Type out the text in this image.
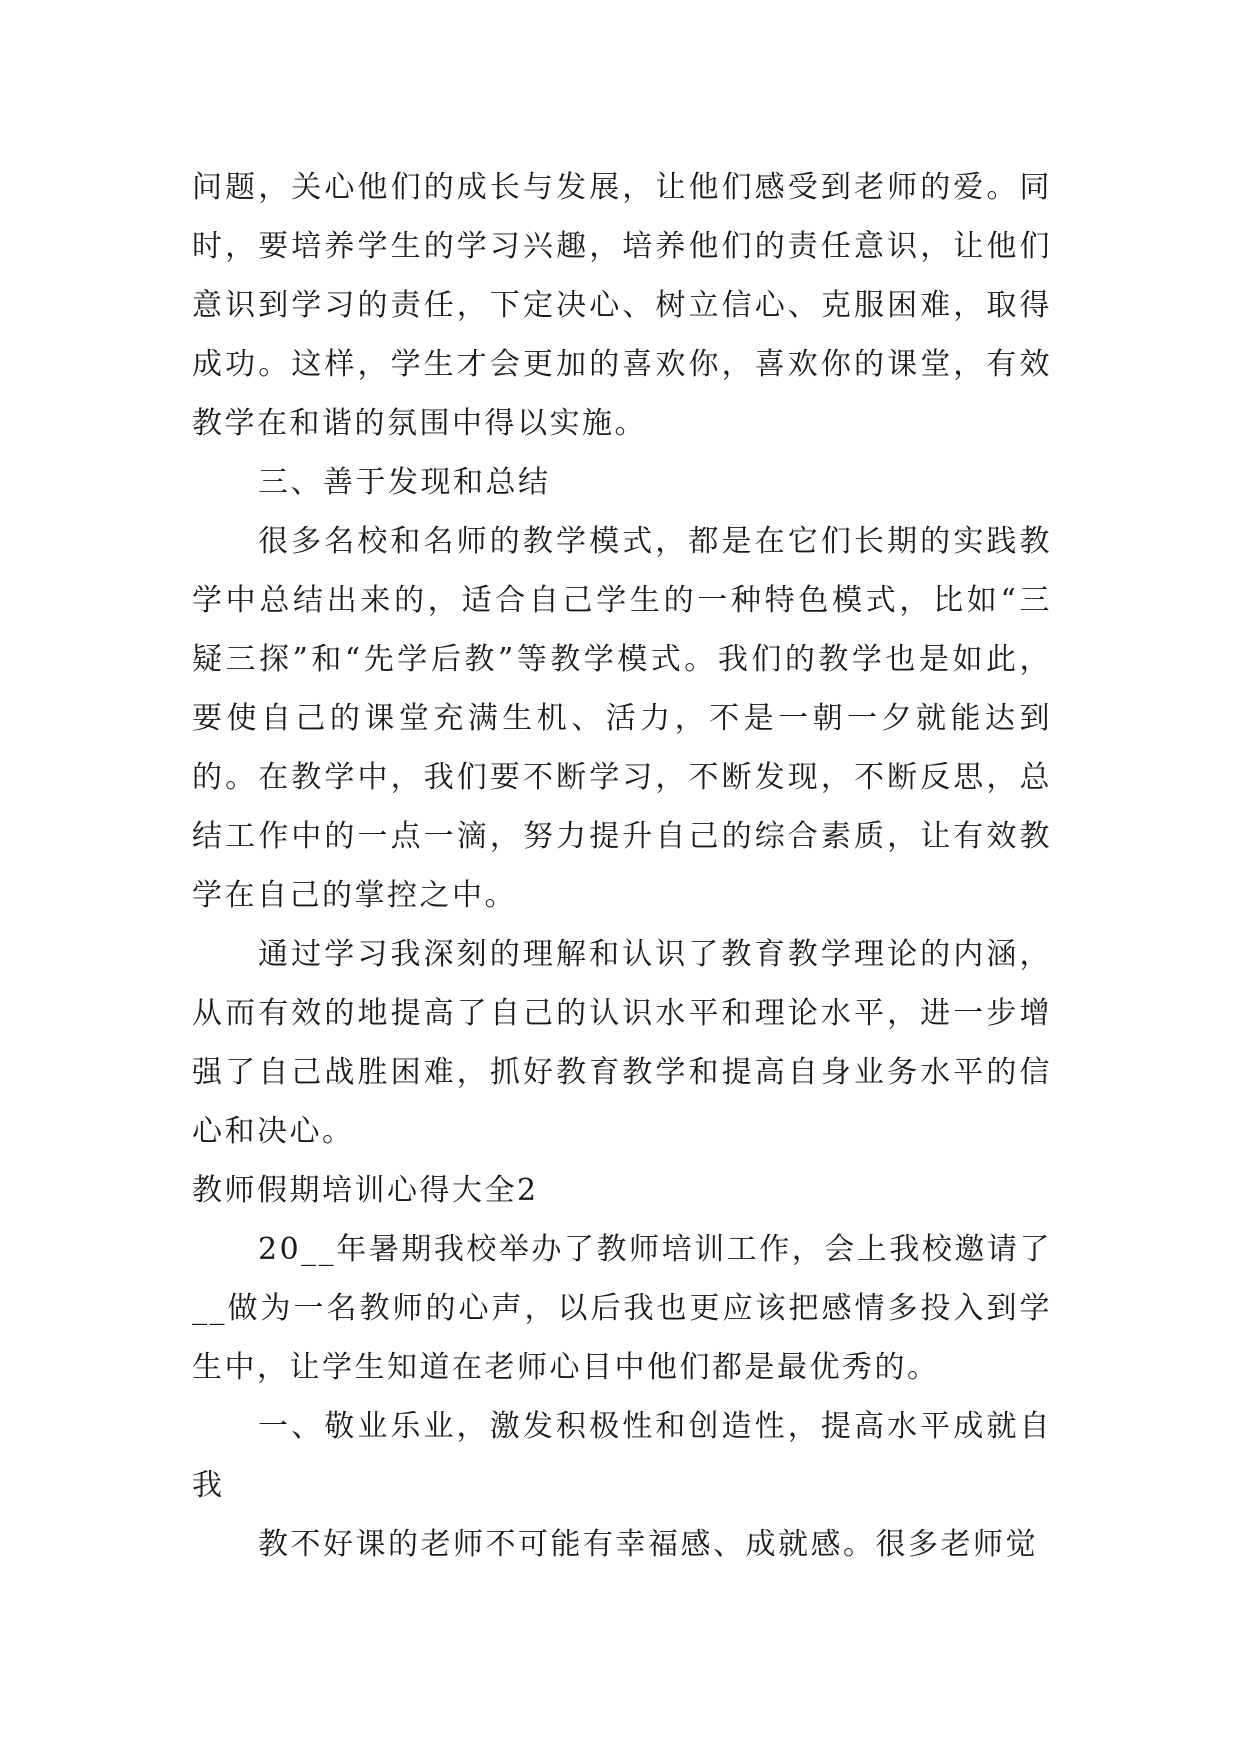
问题，关心他们的成长与发展，让他们感受到老师的爱。同时，要培养学生的学习兴趣，培养他们的责任意识，让他们意识到学习的责任，下定决心、树立信心、克服困难，取得成功。这样，学生才会更加的喜欢你，喜欢你的课堂，有效教学在和谐的氛围中得以实施。

三、善于发现和总结

很多名校和名师的教学模式，都是在它们长期的实践教学中总结出来的，适合自己学生的一种特色模式，比如“三疑三探”和“先学后教”等教学模式。我们的教学也是如此，要使自己的课堂充满生机、活力，不是一朝一夕就能达到的。在教学中，我们要不断学习，不断发现，不断反思，总结工作中的一点一滴，努力提升自己的综合素质，让有效教学在自己的掌控之中。

通过学习我深刻的理解和认识了教育教学理论的内涵，从而有效的地提高了自己的认识水平和理论水平，进一步增强了自己战胜困难，抓好教育教学和提高自身业务水平的信心和决心。

教师假期培训心得大全2

20__年暑期我校举办了教师培训工作，会上我校邀请了__做为一名教师的心声，以后我也更应该把感情多投入到学生中，让学生知道在老师心目中他们都是最优秀的。

一、敬业乐业，激发积极性和创造性，提高水平成就自我

教不好课的老师不可能有幸福感、成就感。很多老师觉
